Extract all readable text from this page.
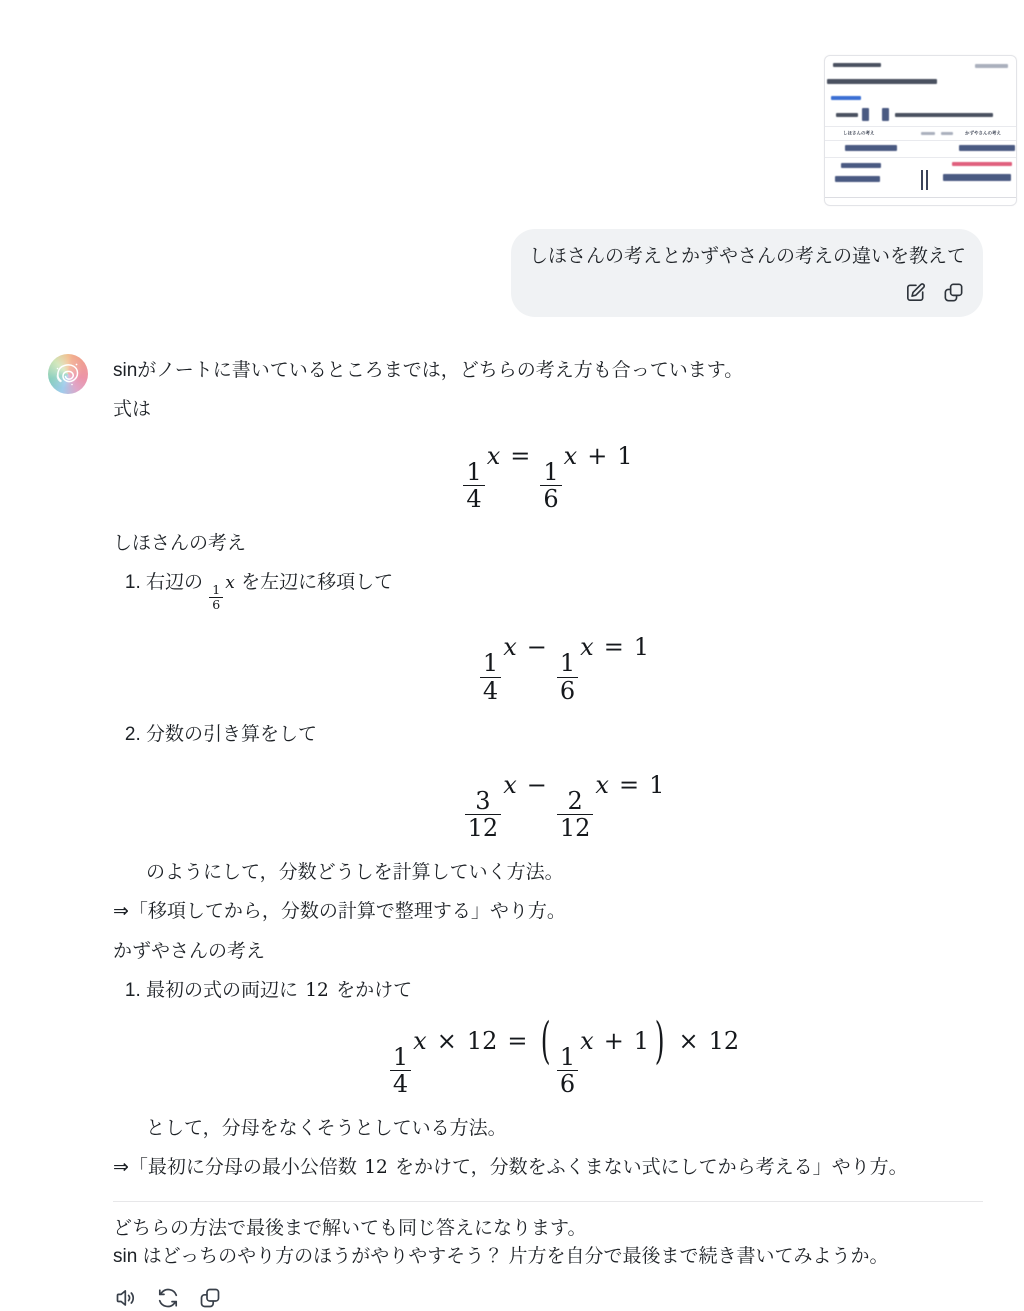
しほさんの考え	かずやさんの考え
しほさんの考えとかずやさんの考えの違いを教えて

sinがノートに書いているところまでは，どちらの考え方も合っています。

式は

$\frac{1}{4}$
x =
$\frac{1}{6}$
x + 1

しほさんの考え

1. 右辺の
$\frac{1}{6}$
x を左辺に移項して
$\frac{1}{4}$
x −
$\frac{1}{6}$
x = 1
2. 分数の引き算をして
$\frac{3}{12}$
x −
$\frac{2}{12}$
x = 1

のようにして，分数どうしを計算していく方法。

⇒「移項してから，分数の計算で整理する」やり方。

かずやさんの考え

1. 最初の式の両辺に 12 をかけて
$\frac{1}{4}$
x × 12 = (
$\frac{1}{6}$
x + 1 ) × 12

として，分母をなくそうとしている方法。

⇒「最初に分母の最小公倍数 12 をかけて，分数をふくまない式にしてから考える」やり方。

どちらの方法で最後まで解いても同じ答えになります。
sin はどっちのやり方のほうがやりやすそう？ 片方を自分で最後まで続き書いてみようか。
